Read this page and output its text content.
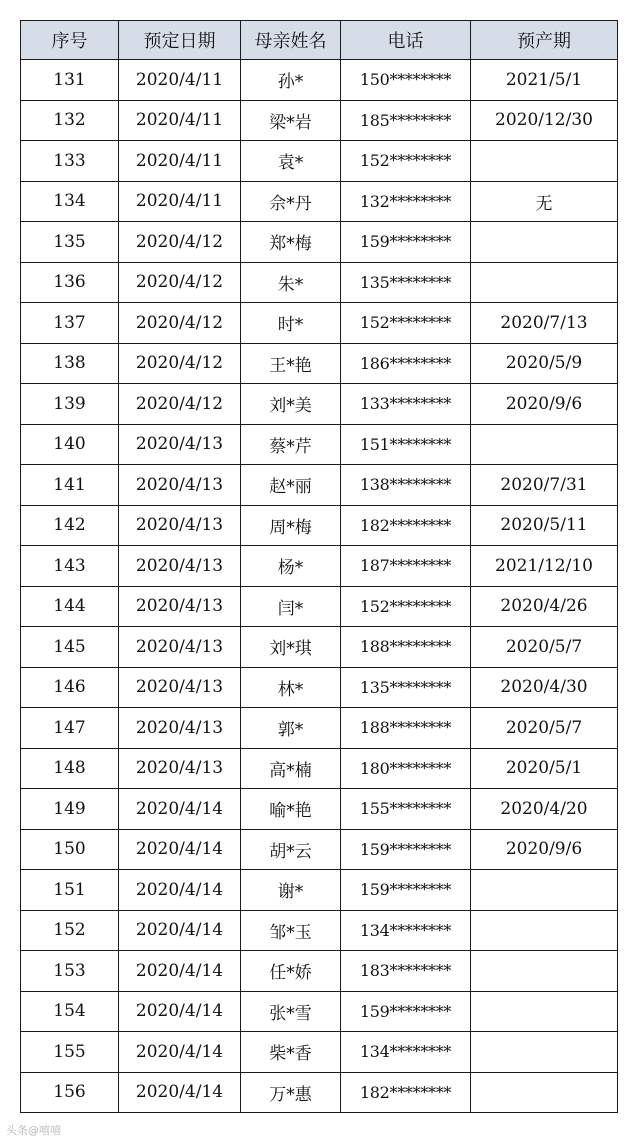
序号	预定日期	母亲姓名	电话	预产期
131	2020/4/11	孙*	150********	2021/5/1
132	2020/4/11	梁*岩	185********	2020/12/30
133	2020/4/11	袁*	152********	
134	2020/4/11	佘*丹	132********	无
135	2020/4/12	郑*梅	159********	
136	2020/4/12	朱*	135********	
137	2020/4/12	时*	152********	2020/7/13
138	2020/4/12	王*艳	186********	2020/5/9
139	2020/4/12	刘*美	133********	2020/9/6
140	2020/4/13	蔡*芹	151********	
141	2020/4/13	赵*丽	138********	2020/7/31
142	2020/4/13	周*梅	182********	2020/5/11
143	2020/4/13	杨*	187********	2021/12/10
144	2020/4/13	闫*	152********	2020/4/26
145	2020/4/13	刘*琪	188********	2020/5/7
146	2020/4/13	林*	135********	2020/4/30
147	2020/4/13	郭*	188********	2020/5/7
148	2020/4/13	高*楠	180********	2020/5/1
149	2020/4/14	喻*艳	155********	2020/4/20
150	2020/4/14	胡*云	159********	2020/9/6
151	2020/4/14	谢*	159********	
152	2020/4/14	邹*玉	134********	
153	2020/4/14	任*娇	183********	
154	2020/4/14	张*雪	159********	
155	2020/4/14	柴*香	134********	
156	2020/4/14	万*惠	182********	
头条@嘻嘻
